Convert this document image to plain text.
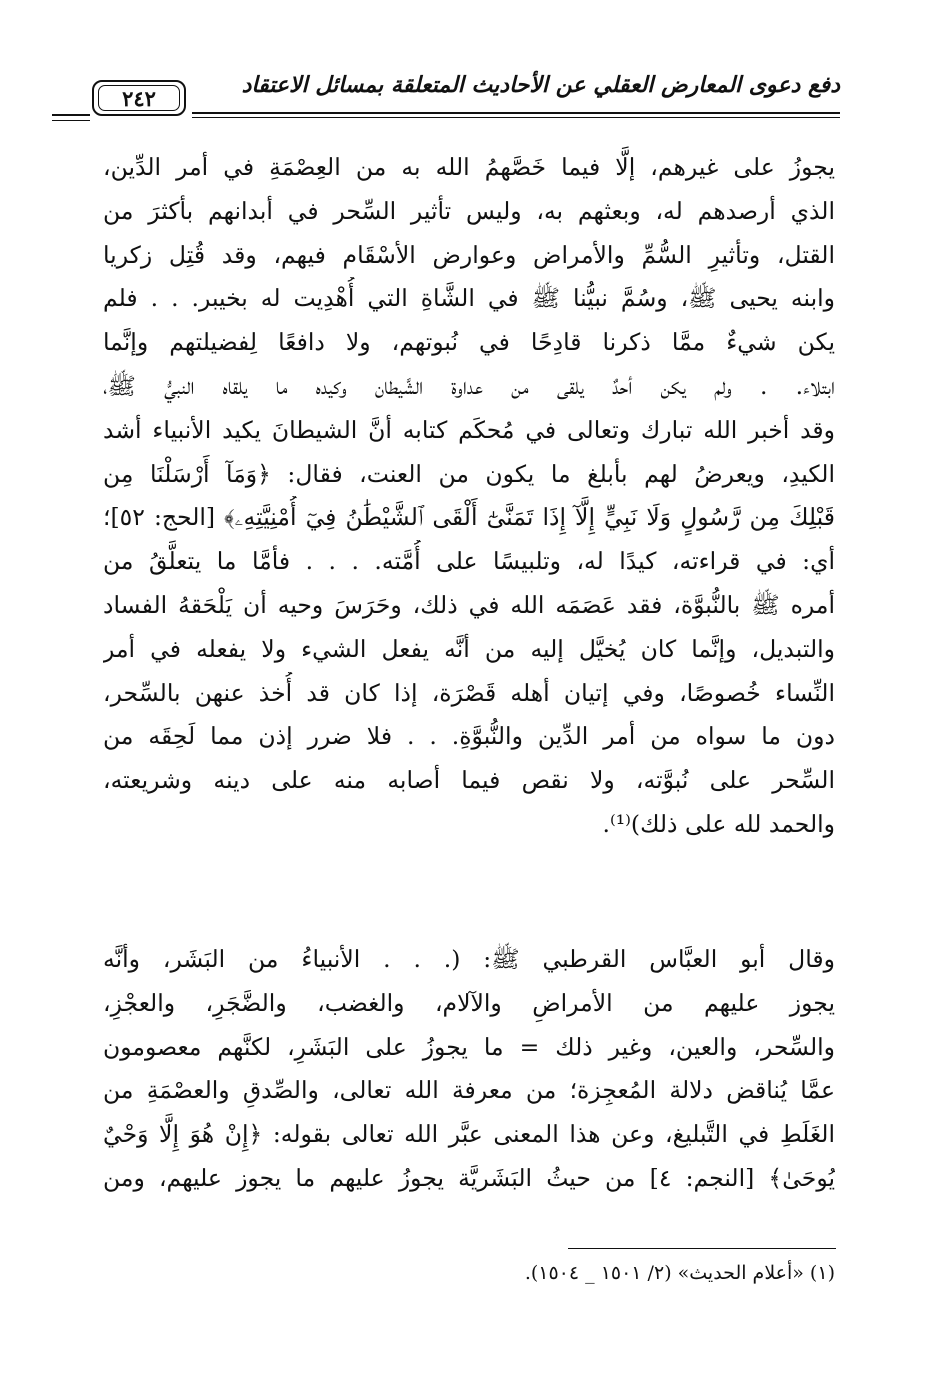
٢٤٢	دفع دعوى المعارض العقلي عن الأحاديث المتعلقة بمسائل الاعتقاد
يجوزُ على غيرهم، إلَّا فيما خَصَّهمُ الله به من العِصْمَةِ في أمر الدِّين،
الذي أرصدهم له، وبعثهم به، وليس تأثير السِّحر في أبدانهم بأكثرَ من
القتل، وتأثيرِ السُّمِّ والأمراض وعوارض الأسْقَام فيهم، وقد قُتِل زكريا
وابنه يحيى ﷺ، وسُمَّ نبيُّنا ﷺ في الشَّاةِ التي أُهْدِيت له بخيبر. . . فلم
يكن شيءٌ ممَّا ذكرنا قادِحًا في نُبوتهم، ولا دافعًا لِفضيلتهم وإنَّما
ابتلاء. . ولم يكن أحدٌ يلقى من عداوة الشَّيطان وكيده ما يلقاه النبيُّ ﷺ،
وقد أخبر الله تبارك وتعالى في مُحكَم كتابه أنَّ الشيطانَ يكيد الأنبياء أشد
الكيدِ، ويعرضُ لهم بأبلغ ما يكون من العنت، فقال: ﴿وَمَآ أَرْسَلْنَا مِن
قَبْلِكَ مِن رَّسُولٍ وَلَا نَبِيٍّ إِلَّآ إِذَا تَمَنَّىٰٓ أَلْقَى ٱلشَّيْطَٰنُ فِيٓ أُمْنِيَّتِهِۦ﴾ [الحج: ٥٢]؛
أي: في قراءته، كيدًا له، وتلبيسًا على أُمَّته. . . . فأمَّا ما يتعلَّقُ من
أمره ﷺ بالنُّبوَّة، فقد عَصَمَه الله في ذلك، وحَرَسَ وحيه أن يَلْحَقهُ الفساد
والتبديل، وإنَّما كان يُخيَّل إليه من أنَّه يفعل الشيء ولا يفعله في أمر
النِّساء خُصوصًا، وفي إتيان أهله قَصْرَة، إذا كان قد أُخذ عنهن بالسِّحر،
دون ما سواه من أمر الدِّين والنُّبوَّةِ. . . فلا ضرر إذن مما لَحِقَه من
السِّحر على نُبوَّته، ولا نقص فيما أصابه منه على دينه وشريعته،
والحمد لله على ذلك)⁽¹⁾.
وقال أبو العبَّاس القرطبي ﷺ: (. . . الأنبياءُ من البَشَر، وأنَّه
يجوز عليهم من الأمراضِ والآلام، والغضب، والضَّجَرِ، والعجْزِ،
والسِّحر، والعين، وغير ذلك = ما يجوزُ على البَشَرِ، لكنَّهم معصومون
عمَّا يُناقض دلالة المُعجِزة؛ من معرفة الله تعالى، والصِّدقِ والعصْمَةِ من
الغَلَطِ في التَّبليغ، وعن هذا المعنى عبَّر الله تعالى بقوله: ﴿إِنْ هُوَ إِلَّا وَحْيٌ
يُوحَىٰ﴾ [النجم: ٤] من حيثُ البَشَريَّة يجوزُ عليهم ما يجوز عليهم، ومن
(١) «أعلام الحديث» (٢/ ١٥٠١ _ ١٥٠٤).
